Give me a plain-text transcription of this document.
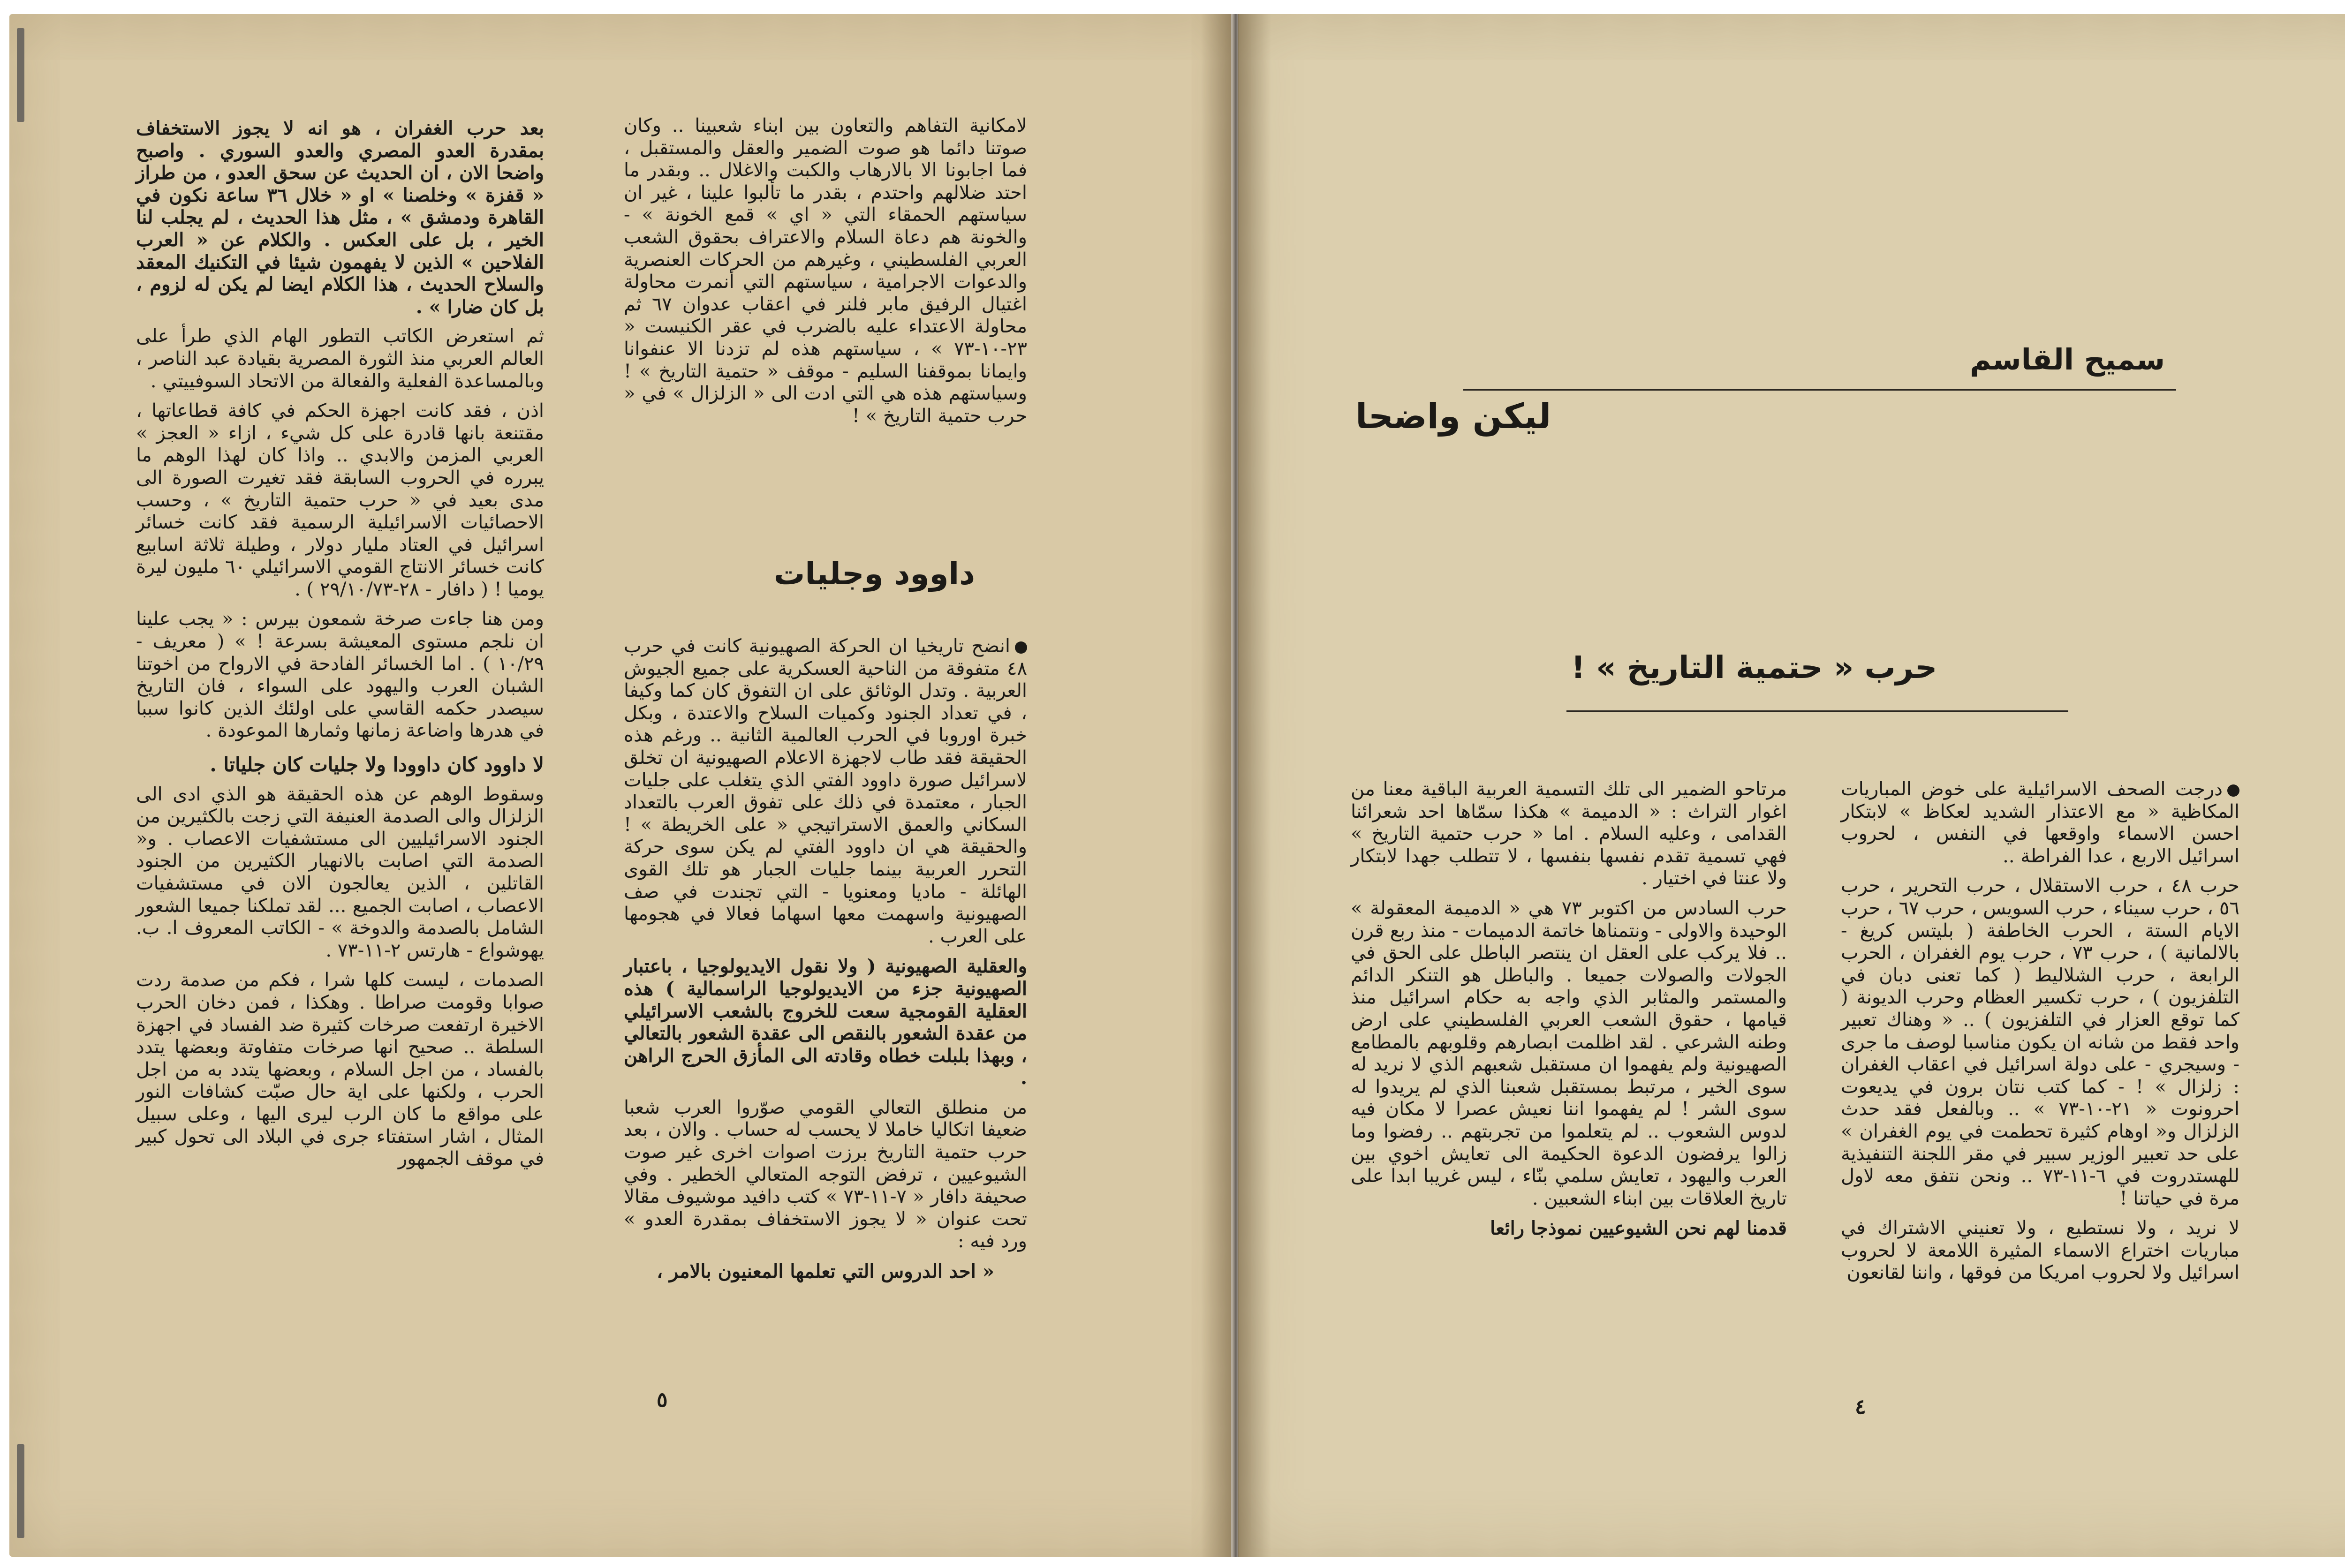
لامكانية التفاهم والتعاون بين ابناء شعبينا .. وكان صوتنا دائما هو صوت الضمير والعقل والمستقبل ، فما اجابونا الا بالارهاب والكبت والاغلال .. وبقدر ما احتد ضلالهم واحتدم ، بقدر ما تألبوا علينا ، غير ان سياستهم الحمقاء التي « اي » قمع الخونة » - والخونة هم دعاة السلام والاعتراف بحقوق الشعب العربي الفلسطيني ، وغيرهم من الحركات العنصرية والدعوات الاجرامية ، سياستهم التي أنمرت محاولة اغتيال الرفيق مابر فلنر في اعقاب عدوان ٦٧ ثم محاولة الاعتداء عليه بالضرب في عقر الكنيست « ٢٣-١٠-٧٣ » ، سياستهم هذه لم تزدنا الا عنفوانا وايمانا بموقفنا السليم - موقف « حتمية التاريخ » ! وسياستهم هذه هي التي ادت الى « الزلزال » في « حرب حتمية التاريخ » !

داوود وجليات

انضح تاريخيا ان الحركة الصهيونية كانت في حرب ٤٨ متفوقة من الناحية العسكرية على جميع الجيوش العربية . وتدل الوثائق على ان التفوق كان كما وكيفا ، في تعداد الجنود وكميات السلاح والاعتدة ، وبكل خبرة اوروبا في الحرب العالمية الثانية .. ورغم هذه الحقيقة فقد طاب لاجهزة الاعلام الصهيونية ان تخلق لاسرائيل صورة داوود الفتي الذي يتغلب على جليات الجبار ، معتمدة في ذلك على تفوق العرب بالتعداد السكاني والعمق الاستراتيجي « على الخريطة » ! والحقيقة هي ان داوود الفتي لم يكن سوى حركة التحرر العربية بينما جليات الجبار هو تلك القوى الهائلة - ماديا ومعنويا - التي تجندت في صف الصهيونية واسهمت معها اسهاما فعالا في هجومها على العرب .

والعقلية الصهيونية ( ولا نقول الايديولوجيا ، باعتبار الصهيونية جزء من الايديولوجيا الراسمالية ) هذه العقلية القومجية سعت للخروج بالشعب الاسرائيلي من عقدة الشعور بالنقص الى عقدة الشعور بالتعالي ، وبهذا بلبلت خطاه وقادته الى المأزق الحرج الراهن .

من منطلق التعالي القومي صوّروا العرب شعبا ضعيفا اتكاليا خاملا لا يحسب له حساب . والان ، بعد حرب حتمية التاريخ برزت اصوات اخرى غير صوت الشيوعيين ، ترفض التوجه المتعالي الخطير . وفي صحيفة دافار « ٧-١١-٧٣ » كتب دافيد موشيوف مقالا تحت عنوان « لا يجوز الاستخفاف بمقدرة العدو » ورد فيه :

« احد الدروس التي تعلمها المعنيون بالامر ،

بعد حرب الغفران ، هو انه لا يجوز الاستخفاف بمقدرة العدو المصري والعدو السوري . واصبح واضحا الان ، ان الحديث عن سحق العدو ، من طراز « قفزة » وخلصنا » او « خلال ٣٦ ساعة نكون في القاهرة ودمشق » ، مثل هذا الحديث ، لم يجلب لنا الخير ، بل على العكس . والكلام عن « العرب الفلاحين » الذين لا يفهمون شيئا في التكنيك المعقد والسلاح الحديث ، هذا الكلام ايضا لم يكن له لزوم ، بل كان ضارا » .

ثم استعرض الكاتب التطور الهام الذي طرأ على العالم العربي منذ الثورة المصرية بقيادة عبد الناصر ، وبالمساعدة الفعلية والفعالة من الاتحاد السوفييتي .

اذن ، فقد كانت اجهزة الحكم في كافة قطاعاتها ، مقتنعة بانها قادرة على كل شيء ، ازاء « العجز » العربي المزمن والابدي .. واذا كان لهذا الوهم ما يبرره في الحروب السابقة فقد تغيرت الصورة الى مدى بعيد في « حرب حتمية التاريخ » ، وحسب الاحصائيات الاسرائيلية الرسمية فقد كانت خسائر اسرائيل في العتاد مليار دولار ، وطيلة ثلاثة اسابيع كانت خسائر الانتاج القومي الاسرائيلي ٦٠ مليون ليرة يوميا ! ( دافار - ٢٨-٢٩/١٠/٧٣ ) .

ومن هنا جاءت صرخة شمعون بيرس : « يجب علينا ان نلجم مستوى المعيشة بسرعة ! » ( معريف - ١٠/٢٩ ) . اما الخسائر الفادحة في الارواح من اخوتنا الشبان العرب واليهود على السواء ، فان التاريخ سيصدر حكمه القاسي على اولئك الذين كانوا سببا في هدرها واضاعة زمانها وثمارها الموعودة .

لا داوود كان داوودا ولا جليات كان جلياتا .

وسقوط الوهم عن هذه الحقيقة هو الذي ادى الى الزلزال والى الصدمة العنيفة التي زجت بالكثيرين من الجنود الاسرائيليين الى مستشفيات الاعصاب . و« الصدمة التي اصابت بالانهيار الكثيرين من الجنود القاتلين ، الذين يعالجون الان في مستشفيات الاعصاب ، اصابت الجميع ... لقد تملكنا جميعا الشعور الشامل بالصدمة والدوخة » - الكاتب المعروف ا. ب. يهوشواع - هارتس ٢-١١-٧٣ .

الصدمات ، ليست كلها شرا ، فكم من صدمة ردت صوابا وقومت صراطا . وهكذا ، فمن دخان الحرب الاخيرة ارتفعت صرخات كثيرة ضد الفساد في اجهزة السلطة .. صحيح انها صرخات متفاوتة وبعضها يتدد بالفساد ، من اجل السلام ، وبعضها يتدد به من اجل الحرب ، ولكنها على اية حال صبّت كشافات النور على مواقع ما كان الرب ليرى اليها ، وعلى سبيل المثال ، اشار استفتاء جرى في البلاد الى تحول كبير في موقف الجمهور

٥
سميح القاسم
ليكن واضحا
حرب « حتمية التاريخ » !

درجت الصحف الاسرائيلية على خوض المباريات المكاظية « مع الاعتذار الشديد لعكاظ » لابتكار احسن الاسماء واوقعها في النفس ، لحروب اسرائيل الاربع ، عدا الفراطة ..

حرب ٤٨ ، حرب الاستقلال ، حرب التحرير ، حرب ٥٦ ، حرب سيناء ، حرب السويس ، حرب ٦٧ ، حرب الايام الستة ، الحرب الخاطفة ( بليتس كريغ - بالالمانية ) ، حرب ٧٣ ، حرب يوم الغفران ، الحرب الرابعة ، حرب الشلاليط ( كما تعنى دبان في التلفزيون ) ، حرب تكسير العظام وحرب الديونة ( كما توقع العزار في التلفزيون ) .. « وهناك تعبير واحد فقط من شانه ان يكون مناسبا لوصف ما جرى - وسيجري - على دولة اسرائيل في اعقاب الغفران : زلزال » ! - كما كتب نتان برون في يديعوت احرونوت « ٢١-١٠-٧٣ » .. وبالفعل فقد حدث الزلزال و« اوهام كثيرة تحطمت في يوم الغفران » على حد تعبير الوزير سبير في مقر اللجنة التنفيذية للهستدروت في ٦-١١-٧٣ .. ونحن نتفق معه لاول مرة في حياتنا !

لا نريد ، ولا نستطيع ، ولا تعنيني الاشتراك في مباريات اختراع الاسماء المثيرة اللامعة لا لحروب اسرائيل ولا لحروب امريكا من فوقها ، واننا لقانعون

مرتاحو الضمير الى تلك التسمية العربية الباقية معنا من اغوار التراث : « الدميمة » هكذا سمّاها احد شعرائنا القدامى ، وعليه السلام . اما « حرب حتمية التاريخ » فهي تسمية تقدم نفسها بنفسها ، لا تتطلب جهدا لابتكار ولا عنتا في اختيار .

حرب السادس من اكتوبر ٧٣ هي « الدميمة المعقولة » الوحيدة والاولى - ونتمناها خاتمة الدميمات - منذ ربع قرن .. فلا يركب على العقل ان ينتصر الباطل على الحق في الجولات والصولات جميعا . والباطل هو التنكر الدائم والمستمر والمثابر الذي واجه به حكام اسرائيل منذ قيامها ، حقوق الشعب العربي الفلسطيني على ارض وطنه الشرعي . لقد اظلمت ابصارهم وقلوبهم بالمطامع الصهيونية ولم يفهموا ان مستقبل شعبهم الذي لا نريد له سوى الخير ، مرتبط بمستقبل شعبنا الذي لم يريدوا له سوى الشر ! لم يفهموا اننا نعيش عصرا لا مكان فيه لدوس الشعوب .. لم يتعلموا من تجربتهم .. رفضوا وما زالوا يرفضون الدعوة الحكيمة الى تعايش اخوي بين العرب واليهود ، تعايش سلمي بنّاء ، ليس غريبا ابدا على تاريخ العلاقات بين ابناء الشعبين .

قدمنا لهم نحن الشيوعيين نموذجا رائعا

٤
